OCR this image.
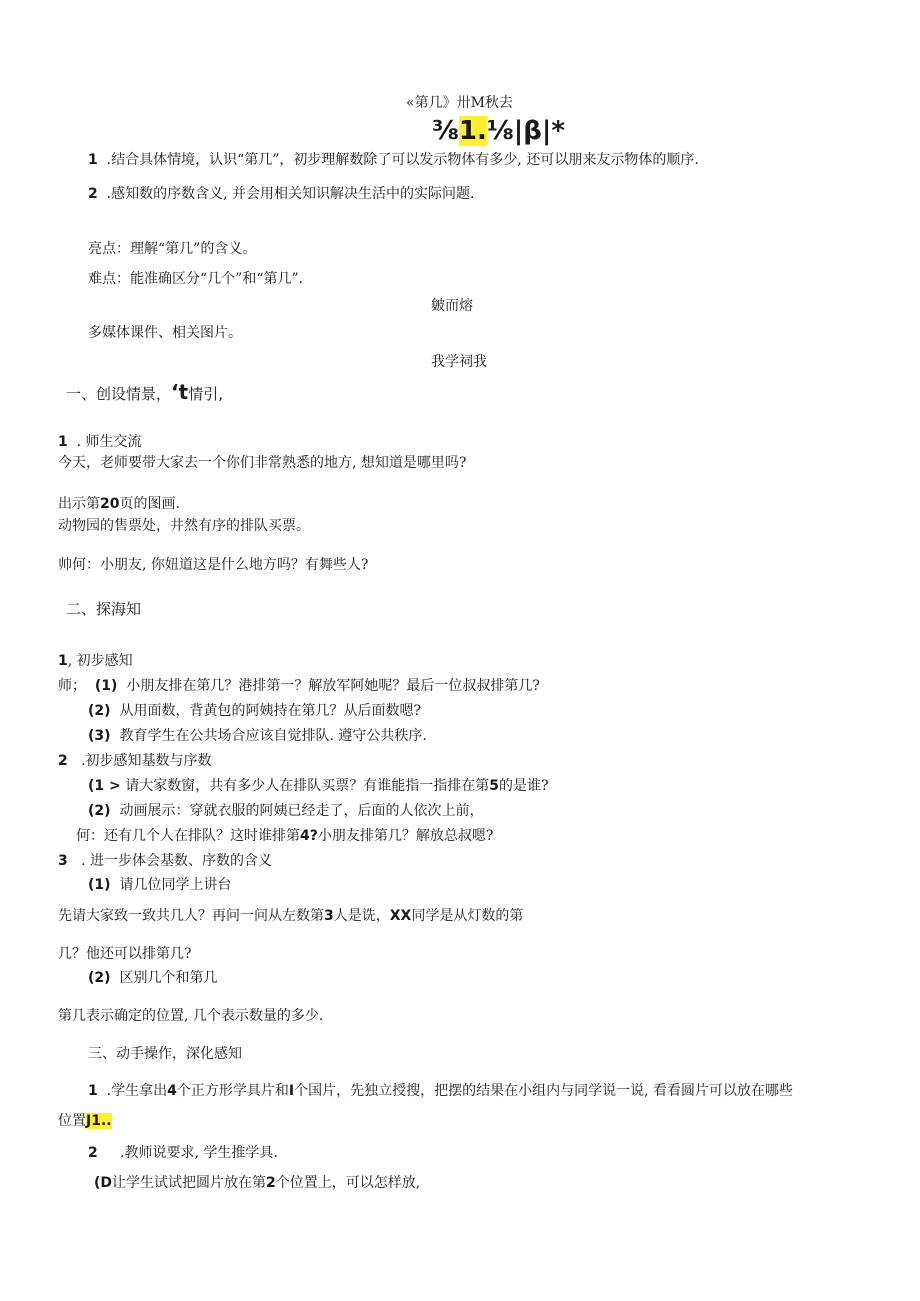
«第几》卅M秋去
⅜1.⅛|β|*
1 .结合具体情境，认识“第几”，初步理解数除了可以发示物体有多少, 还可以朋来友示物体的顺序.
2 .感知数的序数含义, 并会用相关知识解决生活中的实际问题.
亮点：理解“第几”的含义。
难点：能准确区分“几个”和“第几”.
皴而熔
多媒体课件、相关图片。
我学祠我
一、创设情景，‘t情引,
1 . 师生交流
今天，老师要带大家去一个你们非常熟悉的地方, 想知道是哪里吗?
出示第20页的图画.
动物园的售票处，井然有序的排队买票。
帅何：小朋友, 你妞道这是什么地方吗？有舞些人?
二、探海知
1, 初步感知
师； (1) 小朋友排在第几？港排第一？解放军阿她呢？最后一位叔叔排第几?
(2) 从用面数，背黄包的阿姨持在第几？从后面数嗯?
(3) 教育学生在公共场合应该自觉排队. 遵守公共秩序.
2 .初步感知基数与序数
(1 > 请大家数窗，共有多少人在排队买票？有谁能指一指排在第5的是谁?
(2) 动画展示：穿就衣服的阿姨已经走了，后面的人依次上前，
何：还有几个人在排队？这时谁排第4?小朋友排第几？解放总叔嗯?
3 . 进一步体会基数、序数的含义
(1) 请几位同学上讲台
先请大家致一致共几人？再问一问从左数第3人是诜，XX同学是从灯数的第
几？他还可以排第几?
(2) 区别几个和第几
第几表示确定的位置, 几个表示数量的多少.
三、动手操作，深化感知
1 .学生拿出4个正方形学具片和I个国片，先独立授搜，把摆的结果在小组内与同学说一说, 看看圆片可以放在哪些
位置J1..
2 .教师说要求, 学生推学具.
(D让学生试试把圆片放在第2个位置上，可以怎样放,
